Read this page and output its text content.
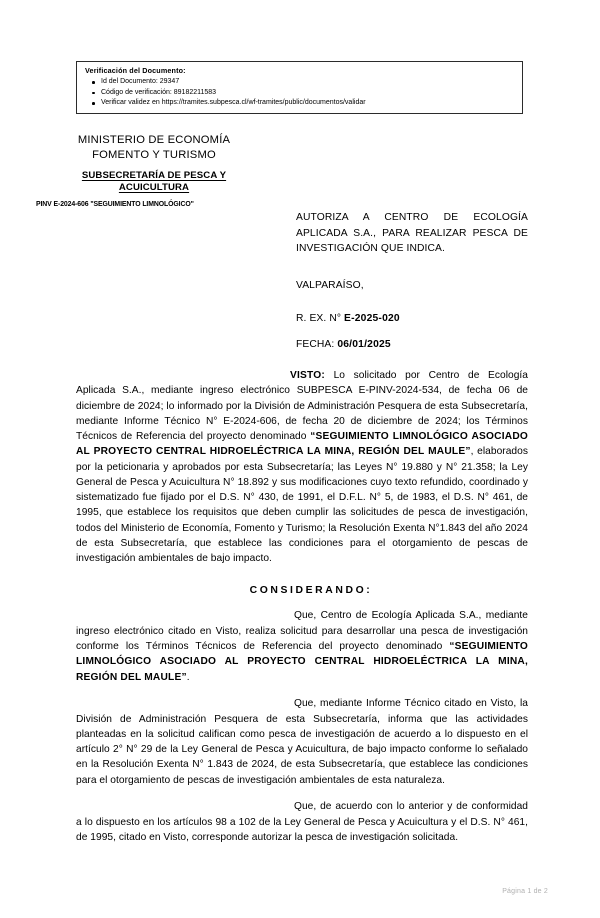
Verificación del Documento:
Id del Documento: 29347
Código de verificación: 89182211583
Verificar validez en https://tramites.subpesca.cl/wf-tramites/public/documentos/validar
MINISTERIO DE ECONOMÍA
FOMENTO Y TURISMO
SUBSECRETARÍA DE PESCA Y
ACUICULTURA
PINV E-2024-606 "SEGUIMIENTO LIMNOLÓGICO"
AUTORIZA A CENTRO DE ECOLOGÍA APLICADA S.A., PARA REALIZAR PESCA DE INVESTIGACIÓN QUE INDICA.
VALPARAÍSO,
R. EX. N° E-2025-020
FECHA: 06/01/2025

VISTO: Lo solicitado por Centro de Ecología Aplicada S.A., mediante ingreso electrónico SUBPESCA E-PINV-2024-534, de fecha 06 de diciembre de 2024; lo informado por la División de Administración Pesquera de esta Subsecretaría, mediante Informe Técnico N° E-2024-606, de fecha 20 de diciembre de 2024; los Términos Técnicos de Referencia del proyecto denominado “SEGUIMIENTO LIMNOLÓGICO ASOCIADO AL PROYECTO CENTRAL HIDROELÉCTRICA LA MINA, REGIÓN DEL MAULE”, elaborados por la peticionaria y aprobados por esta Subsecretaría; las Leyes N° 19.880 y N° 21.358; la Ley General de Pesca y Acuicultura N° 18.892 y sus modificaciones cuyo texto refundido, coordinado y sistematizado fue fijado por el D.S. N° 430, de 1991, el D.F.L. N° 5, de 1983, el D.S. N° 461, de 1995, que establece los requisitos que deben cumplir las solicitudes de pesca de investigación, todos del Ministerio de Economía, Fomento y Turismo; la Resolución Exenta N°1.843 del año 2024 de esta Subsecretaría, que establece las condiciones para el otorgamiento de pescas de investigación ambientales de bajo impacto.

CONSIDERANDO:

Que, Centro de Ecología Aplicada S.A., mediante ingreso electrónico citado en Visto, realiza solicitud para desarrollar una pesca de investigación conforme los Términos Técnicos de Referencia del proyecto denominado “SEGUIMIENTO LIMNOLÓGICO ASOCIADO AL PROYECTO CENTRAL HIDROELÉCTRICA LA MINA, REGIÓN DEL MAULE”.

Que, mediante Informe Técnico citado en Visto, la División de Administración Pesquera de esta Subsecretaría, informa que las actividades planteadas en la solicitud califican como pesca de investigación de acuerdo a lo dispuesto en el artículo 2° N° 29 de la Ley General de Pesca y Acuicultura, de bajo impacto conforme lo señalado en la Resolución Exenta N° 1.843 de 2024, de esta Subsecretaría, que establece las condiciones para el otorgamiento de pescas de investigación ambientales de esta naturaleza.

Que, de acuerdo con lo anterior y de conformidad a lo dispuesto en los artículos 98 a 102 de la Ley General de Pesca y Acuicultura y el D.S. N° 461, de 1995, citado en Visto, corresponde autorizar la pesca de investigación solicitada.

Página 1 de 2
